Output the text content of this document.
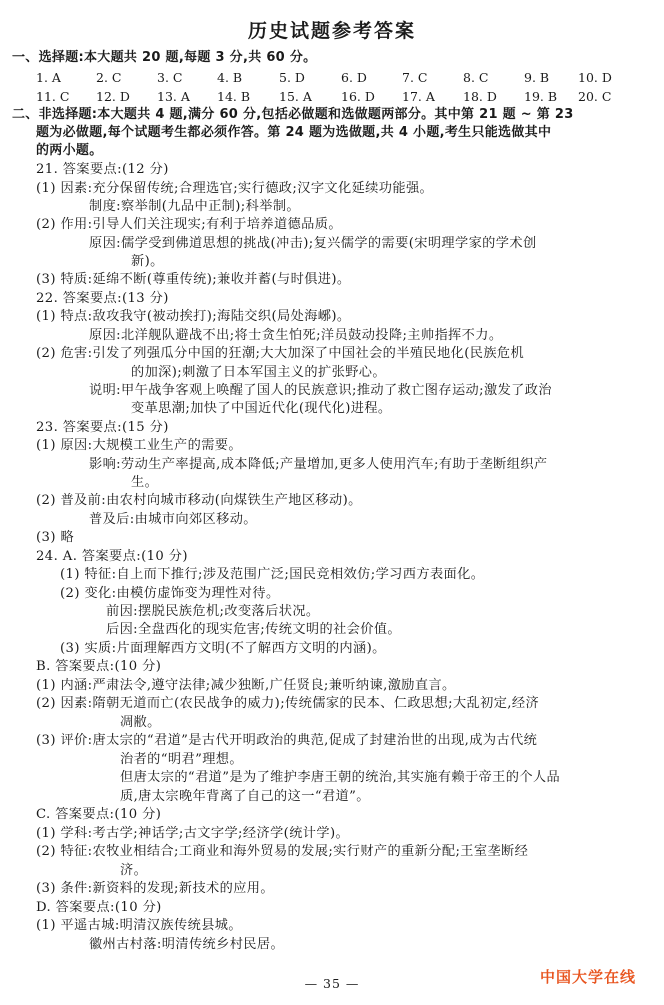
历史试题参考答案
一、选择题:本大题共 20 题,每题 3 分,共 60 分。
1. A	2. C	3. C	4. B	5. D	6. D	7. C	8. C	9. B 10. D
11. C 12. D 13. A 14. B 15. A 16. D 17. A 18. D 19. B 20. C
二、非选择题:本大题共 4 题,满分 60 分,包括必做题和选做题两部分。其中第 21 题 ~ 第 23
题为必做题,每个试题考生都必须作答。第 24 题为选做题,共 4 小题,考生只能选做其中
的两小题。
21. 答案要点:(12 分)
(1) 因素:充分保留传统;合理选官;实行德政;汉字文化延续功能强。
制度:察举制(九品中正制);科举制。
(2) 作用:引导人们关注现实;有利于培养道德品质。
原因:儒学受到佛道思想的挑战(冲击);复兴儒学的需要(宋明理学家的学术创
新)。
(3) 特质:延绵不断(尊重传统);兼收并蓄(与时俱进)。
22. 答案要点:(13 分)
(1) 特点:敌攻我守(被动挨打);海陆交织(局处海峫)。
原因:北洋舰队避战不出;将士贪生怕死;洋员鼓动投降;主帅指挥不力。
(2) 危害:引发了列强瓜分中国的狂潮;大大加深了中国社会的半殖民地化(民族危机
的加深);刺激了日本军国主义的扩张野心。
说明:甲午战争客观上唤醒了国人的民族意识;推动了救亡图存运动;激发了政治
变革思潮;加快了中国近代化(现代化)进程。
23. 答案要点:(15 分)
(1) 原因:大规模工业生产的需要。
影响:劳动生产率提高,成本降低;产量增加,更多人使用汽车;有助于垄断组织产
生。
(2) 普及前:由农村向城市移动(向煤铁生产地区移动)。
普及后:由城市向郊区移动。
(3) 略
24. A. 答案要点:(10 分)
(1) 特征:自上而下推行;涉及范围广泛;国民竞相效仿;学习西方表面化。
(2) 变化:由模仿虚饰变为理性对待。
前因:摆脱民族危机;改变落后状况。
后因:全盘西化的现实危害;传统文明的社会价值。
(3) 实质:片面理解西方文明(不了解西方文明的内涵)。
B. 答案要点:(10 分)
(1) 内涵:严肃法令,遵守法律;减少独断,广任贤良;兼听纳谏,激励直言。
(2) 因素:隋朝无道而亡(农民战争的威力);传统儒家的民本、仁政思想;大乱初定,经济
凋敝。
(3) 评价:唐太宗的“君道”是古代开明政治的典范,促成了封建治世的出现,成为古代统
治者的“明君”理想。
但唐太宗的“君道”是为了维护李唐王朝的统治,其实施有赖于帝王的个人品
质,唐太宗晚年背离了自己的这一“君道”。
C. 答案要点:(10 分)
(1) 学科:考古学;神话学;古文字学;经济学(统计学)。
(2) 特征:农牧业相结合;工商业和海外贸易的发展;实行财产的重新分配;王室垄断经
济。
(3) 条件:新资料的发现;新技术的应用。
D. 答案要点:(10 分)
(1) 平遥古城:明清汉族传统县城。
徽州古村落:明清传统乡村民居。
— 35 —	中国大学在线
